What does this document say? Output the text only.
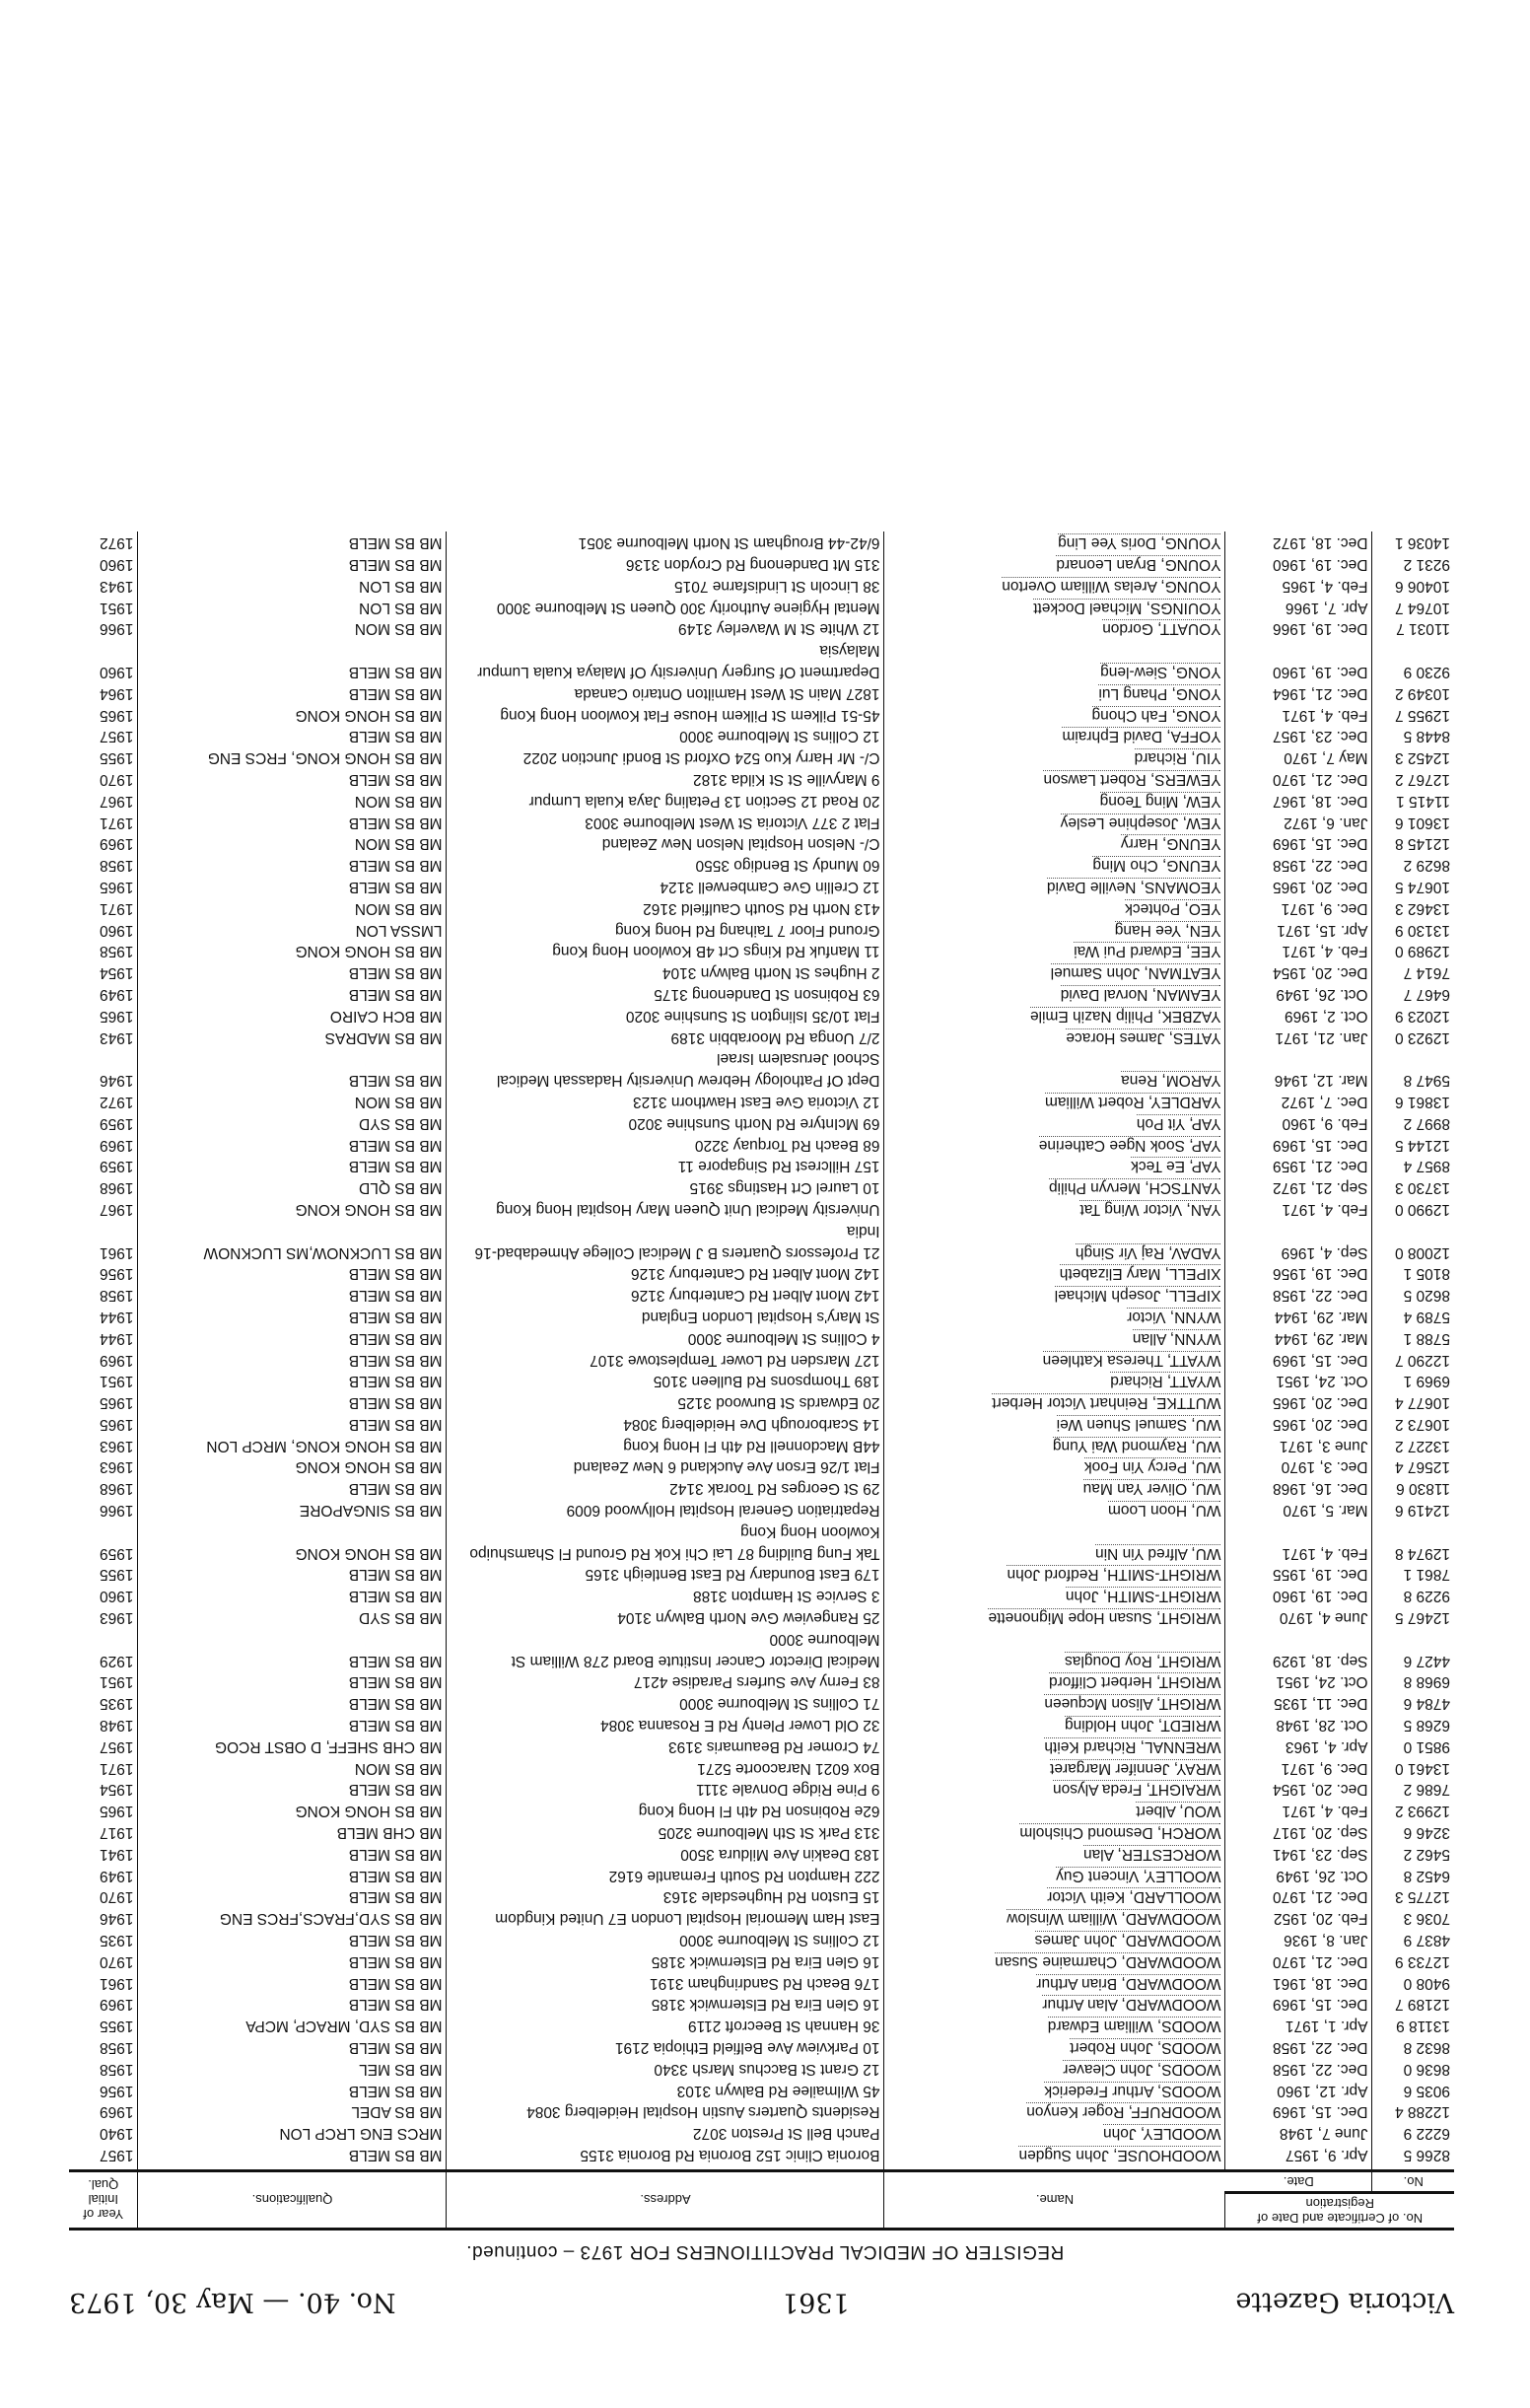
Victoria Gazette
1361
No. 40. — May 30, 1973
REGISTER OF MEDICAL PRACTITIONERS FOR 1973 – continued.
No. of Certificate and Date of Registration		Name.	Address.	Qualifications.	Year of Initial Qual.
No.	Date.				
8266 5	Apr. 9, 1957	WOODHOUSE, John Sugden	Boronia Clinic 152 Boronia Rd Boronia 3155	MB BS MELB	1957
6222 9	June 7, 1948	WOODLEY, John	Panch Bell St Preston 3072	MRCS ENG LRCP LON	1940
12288 4	Dec. 15, 1969	WOODRUFF, Roger Kenyon	Residents Quarters Austin Hospital Heidelberg 3084	MB BS ADEL	1969
9035 6	Apr. 12, 1960	WOODS, Arthur Frederick	45 Wilmailee Rd Balwyn 3103	MB BS MELB	1956
8636 0	Dec. 22, 1958	WOODS, John Cleaver	12 Grant St Bacchus Marsh 3340	MB BS MEL	1958
8632 8	Dec. 22, 1958	WOODS, John Robert	10 Parkview Ave Belfield Ethiopia 2191	MB BS MELB	1958
13118 9	Apr. 1, 1971	WOODS, William Edward	36 Hannah St Beecroft 2119	MB BS SYD, MRACP, MCPA	1955
12189 7	Dec. 15, 1969	WOODWARD, Alan Arthur	16 Glen Eira Rd Elsternwick 3185	MB BS MELB	1969
9408 0	Dec. 18, 1961	WOODWARD, Brian Arthur	176 Beach Rd Sandringham 3191	MB BS MELB	1961
12733 9	Dec. 21, 1970	WOODWARD, Charmaine Susan	16 Glen Eira Rd Elsternwick 3185	MB BS MELB	1970
4837 9	Jan. 8, 1936	WOODWARD, John James	12 Collins St Melbourne 3000	MB BS MELB	1935
7036 3	Feb. 20, 1952	WOODWARD, William Winslow	East Ham Memorial Hospital London E7 United Kingdom	MB BS SYD,FRACS,FRCS ENG	1946
12775 3	Dec. 21, 1970	WOOLLARD, Keith Victor	15 Euston Rd Hughesdale 3163	MB BS MELB	1970
6452 8	Oct. 26, 1949	WOOLLEY, Vincent Guy	222 Hampton Rd South Fremantle 6162	MB BS MELB	1949
5462 2	Sep. 23, 1941	WORCESTER, Alan	183 Deakin Ave Mildura 3500	MB BS MELB	1941
3246 6	Sep. 20, 1917	WORCH, Desmond Chisholm	313 Park St Sth Melbourne 3205	MB CHB MELB	1917
12993 2	Feb. 4, 1971	WOU, Albert	62e Robinson Rd 4th Fl Hong Kong	MB BS HONG KONG	1965
7686 2	Dec. 20, 1954	WRAIGHT, Freda Alyson	9 Pine Ridge Donvale 3111	MB BS MELB	1954
13461 0	Dec. 9, 1971	WRAY, Jennifer Margaret	Box 6021 Naracoorte 5271	MB BS MON	1971
9851 0	Apr. 4, 1963	WRENNAL, Richard Keith	74 Cromer Rd Beaumaris 3193	MB CHB SHEFF, D OBST RCOG	1957
6268 5	Oct. 28, 1948	WRIEDT, John Holding	32 Old Lower Plenty Rd E Rosanna 3084	MB BS MELB	1948
4784 6	Dec. 11, 1935	WRIGHT, Alison Mcqueen	71 Collins St Melbourne 3000	MB BS MELB	1935
6968 8	Oct. 24, 1951	WRIGHT, Herbert Clifford	83 Ferny Ave Surfers Paradise 4217	MB BS MELB	1951
4427 6	Sep. 18, 1929	WRIGHT, Roy Douglas	Medical Director Cancer Institute Board 278 William St Melbourne 3000	MB BS MELB	1929
12467 5	June 4, 1970	WRIGHT, Susan Hope Mignonette	25 Rangeview Gve North Balwyn 3104	MB BS SYD	1963
9229 8	Dec. 19, 1960	WRIGHT-SMITH, John	3 Service St Hampton 3188	MB BS MELB	1960
7861 1	Dec. 19, 1955	WRIGHT-SMITH, Redford John	179 East Boundary Rd East Bentleigh 3165	MB BS MELB	1955
12974 8	Feb. 4, 1971	WU, Alfred Yin Nin	Tak Fung Building 87 Lai Chi Kok Rd Ground Fl Shamshuipo Kowloon Hong Kong	MB BS HONG KONG	1959
12419 6	Mar. 5, 1970	WU, Hoon Loom	Repatriation General Hospital Hollywood 6009	MB BS SINGAPORE	1966
11830 6	Dec. 16, 1968	WU, Oliver Yan Mau	29 St Georges Rd Toorak 3142	MB BS MELB	1968
12567 4	Dec. 3, 1970	WU, Percy Yin Fook	Flat 1/26 Erson Ave Auckland 6 New Zealand	MB BS HONG KONG	1963
13227 2	June 3, 1971	WU, Raymond Wai Yung	44B Macdonnell Rd 4th Fl Hong Kong	MB BS HONG KONG, MRCP LON	1963
10673 2	Dec. 20, 1965	WU, Samuel Shuen Wei	14 Scarborough Dve Heidelberg 3084	MB BS MELB	1965
10677 4	Dec. 20, 1965	WUTTKE, Reinhart Victor Herbert	20 Edwards St Burwood 3125	MB BS MELB	1965
6969 1	Oct. 24, 1951	WYATT, Richard	189 Thompsons Rd Bulleen 3105	MB BS MELB	1951
12290 7	Dec. 15, 1969	WYATT, Theresa Kathleen	127 Marsden Rd Lower Templestowe 3107	MB BS MELB	1969
5788 1	Mar. 29, 1944	WYNN, Allan	4 Collins St Melbourne 3000	MB BS MELB	1944
5789 4	Mar. 29, 1944	WYNN, Victor	St Mary's Hospital London England	MB BS MELB	1944
8620 5	Dec. 22, 1958	XIPELL, Joseph Michael	142 Mont Albert Rd Canterbury 3126	MB BS MELB	1958
8105 1	Dec. 19, 1956	XIPELL, Mary Elizabeth	142 Mont Albert Rd Canterbury 3126	MB BS MELB	1956
12008 0	Sep. 4, 1969	YADAV, Raj Vir Singh	21 Professors Quarters B J Medical College Ahmedabad-16 India	MB BS LUCKNOW,MS LUCKNOW	1961
12990 0	Feb. 4, 1971	YAN, Victor Wing Tat	University Medical Unit Queen Mary Hospital Hong Kong	MB BS HONG KONG	1967
13730 3	Sep. 21, 1972	YANTSCH, Mervyn Philip	10 Laurel Crt Hastings 3915	MB BS QLD	1968
8957 4	Dec. 21, 1959	YAP, Ee Teck	157 Hillcrest Rd Singapore 11	MB BS MELB	1959
12144 5	Dec. 15, 1969	YAP, Sook Ngee Catherine	68 Beach Rd Torquay 3220	MB BS MELB	1969
8997 2	Feb. 9, 1960	YAP, Yit Poh	69 McIntyre Rd North Sunshine 3020	MB BS SYD	1959
13861 6	Dec. 7, 1972	YARDLEY, Robert William	12 Victoria Gve East Hawthorn 3123	MB BS MON	1972
5947 8	Mar. 12, 1946	YAROM, Rena	Dept Of Pathology Hebrew University Hadassah Medical School Jerusalem Israel	MB BS MELB	1946
12923 0	Jan. 21, 1971	YATES, James Horace	2/7 Uonga Rd Moorabbin 3189	MB BS MADRAS	1943
12023 9	Oct. 2, 1969	YAZBEK, Philip Nazih Emile	Flat 10/35 Islington St Sunshine 3020	MB BCH CAIRO	1965
6467 7	Oct. 26, 1949	YEAMAN, Norval David	63 Robinson St Dandenong 3175	MB BS MELB	1949
7614 7	Dec. 20, 1954	YEATMAN, John Samuel	2 Hughes St North Balwyn 3104	MB BS MELB	1954
12989 0	Feb. 4, 1971	YEE, Edward Pui Wai	11 Manfuk Rd Kings Crt 4B Kowloon Hong Kong	MB BS HONG KONG	1958
13130 9	Apr. 15, 1971	YEN, Yee Hang	Ground Floor 7 Taihang Rd Hong Kong	LMSSA LON	1960
13462 3	Dec. 9, 1971	YEO, Pohteck	413 North Rd South Caulfield 3162	MB BS MON	1971
10674 5	Dec. 20, 1965	YEOMANS, Neville David	12 Crellin Gve Camberwell 3124	MB BS MELB	1965
8629 2	Dec. 22, 1958	YEUNG, Cho Ming	60 Mundy St Bendigo 3550	MB BS MELB	1958
12145 8	Dec. 15, 1969	YEUNG, Harry	C/- Nelson Hospital Nelson New Zealand	MB BS MON	1969
13601 6	Jan. 6, 1972	YEW, Josephine Lesley	Flat 2 377 Victoria St West Melbourne 3003	MB BS MELB	1971
11415 1	Dec. 18, 1967	YEW, Ming Teong	20 Road 12 Section 13 Petaling Jaya Kuala Lumpur	MB BS MON	1967
12767 2	Dec. 21, 1970	YEWERS, Robert Lawson	9 Maryville St St Kilda 3182	MB BS MELB	1970
12452 3	May 7, 1970	YIU, Richard	C/- Mr Harry Kuo 524 Oxford St Bondi Junction 2022	MB BS HONG KONG, FRCS ENG	1955
8448 5	Dec. 23, 1957	YOFFA, David Ephraim	12 Collins St Melbourne 3000	MB BS MELB	1957
12955 7	Feb. 4, 1971	YONG, Fah Chong	45-51 Pilkem St Pilkem House Flat Kowloon Hong Kong	MB BS HONG KONG	1965
10349 2	Dec. 21, 1964	YONG, Phang Lui	1827 Main St West Hamilton Ontario Canada	MB BS MELB	1964
9230 9	Dec. 19, 1960	YONG, Siew-leng	Department Of Surgery University Of Malaya Kuala Lumpur Malaysia	MB BS MELB	1960
11031 7	Dec. 19, 1966	YOUATT, Gordon	12 White St M Waverley 3149	MB BS MON	1966
10764 7	Apr. 7, 1966	YOUINGS, Michael Dockett	Mental Hygiene Authority 300 Queen St Melbourne 3000	MB BS LON	1951
10406 6	Feb. 4, 1965	YOUNG, Arelas William Overton	38 Lincoln St Lindisfarne 7015	MB BS LON	1943
9231 2	Dec. 19, 1960	YOUNG, Bryan Leonard	315 Mt Dandenong Rd Croydon 3136	MB BS MELB	1960
14036 1	Dec. 18, 1972	YOUNG, Doris Yee Ling	6/42-44 Brougham St North Melbourne 3051	MB BS MELB	1972
